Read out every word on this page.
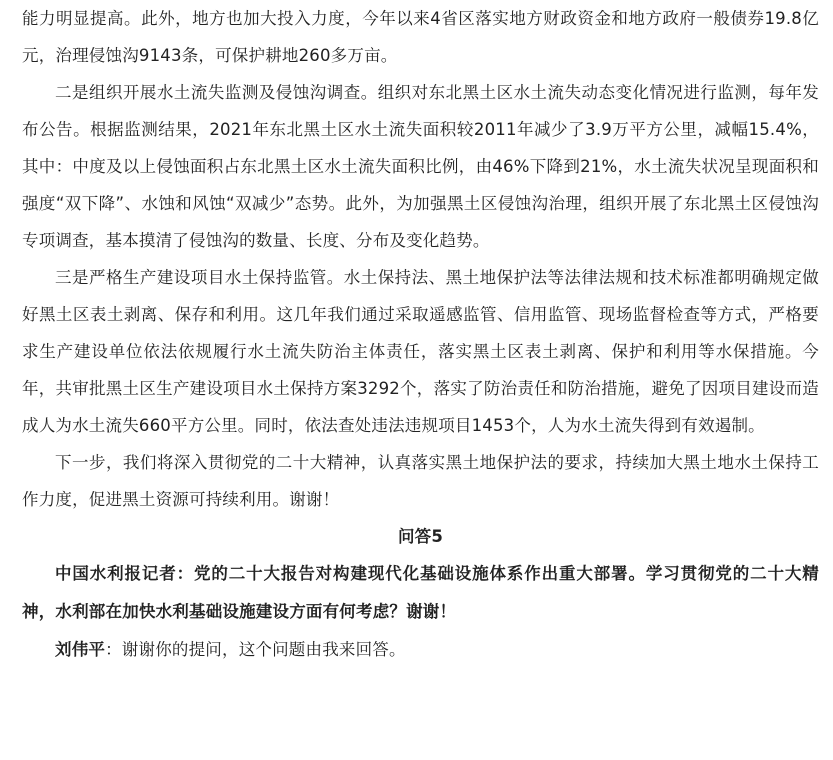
能力明显提高。此外，地方也加大投入力度，今年以来4省区落实地方财政资金和地方政府一般债券19.8亿元，治理侵蚀沟9143条，可保护耕地260多万亩。

二是组织开展水土流失监测及侵蚀沟调查。组织对东北黑土区水土流失动态变化情况进行监测，每年发布公告。根据监测结果，2021年东北黑土区水土流失面积较2011年减少了3.9万平方公里，减幅15.4%，其中：中度及以上侵蚀面积占东北黑土区水土流失面积比例，由46%下降到21%，水土流失状况呈现面积和强度“双下降”、水蚀和风蚀“双减少”态势。此外，为加强黑土区侵蚀沟治理，组织开展了东北黑土区侵蚀沟专项调查，基本摸清了侵蚀沟的数量、长度、分布及变化趋势。

三是严格生产建设项目水土保持监管。水土保持法、黑土地保护法等法律法规和技术标准都明确规定做好黑土区表土剥离、保存和利用。这几年我们通过采取遥感监管、信用监管、现场监督检查等方式，严格要求生产建设单位依法依规履行水土流失防治主体责任，落实黑土区表土剥离、保护和利用等水保措施。今年，共审批黑土区生产建设项目水土保持方案3292个，落实了防治责任和防治措施，避免了因项目建设而造成人为水土流失660平方公里。同时，依法查处违法违规项目1453个，人为水土流失得到有效遏制。

下一步，我们将深入贯彻党的二十大精神，认真落实黑土地保护法的要求，持续加大黑土地水土保持工作力度，促进黑土资源可持续利用。谢谢！

问答5

中国水利报记者：党的二十大报告对构建现代化基础设施体系作出重大部署。学习贯彻党的二十大精神，水利部在加快水利基础设施建设方面有何考虑？谢谢！

刘伟平：谢谢你的提问，这个问题由我来回答。
